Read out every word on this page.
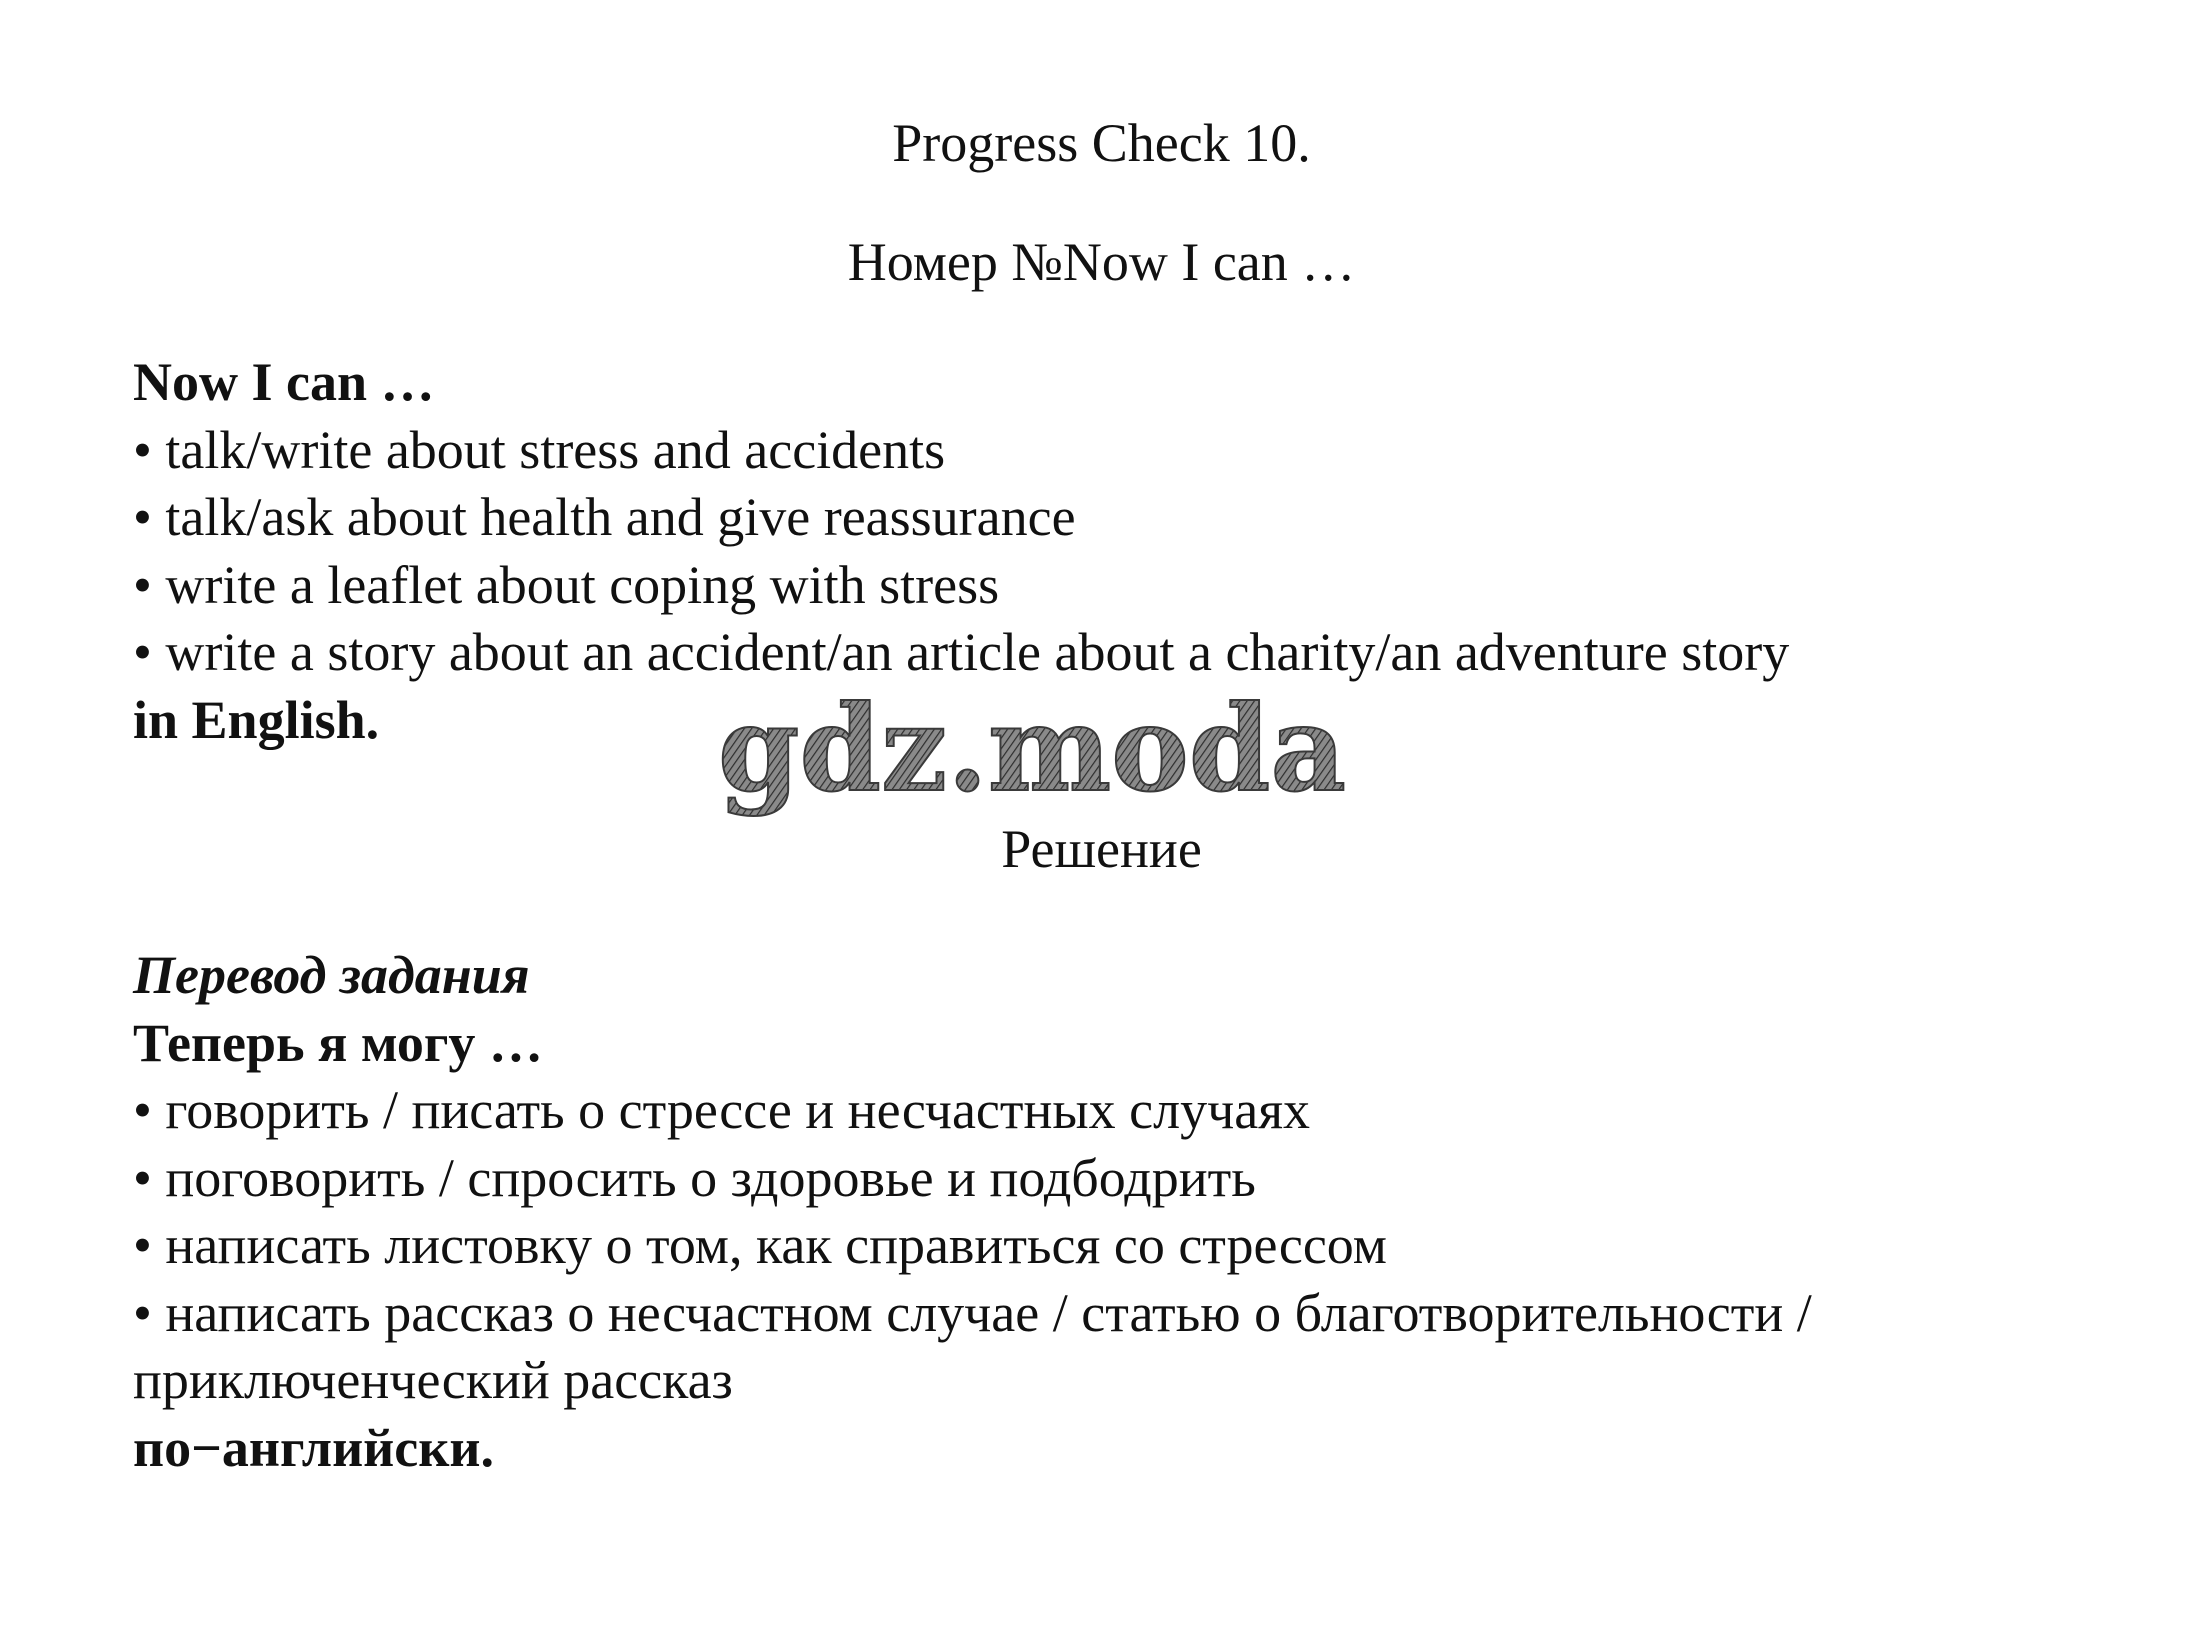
Progress Check 10.
Номер №Now I can …
Now I can …
• talk/write about stress and accidents
• talk/ask about health and give reassurance
• write a leaflet about coping with stress
• write a story about an accident/an article about a charity/an adventure story
in English.	gdz.moda
Решение
Перевод задания
Теперь я могу …
• говорить / писать о стрессе и несчастных случаях
• поговорить / спросить о здоровье и подбодрить
• написать листовку о том, как справиться со стрессом
• написать рассказ о несчастном случае / статью о благотворительности /
приключенческий рассказ
по−английски.
